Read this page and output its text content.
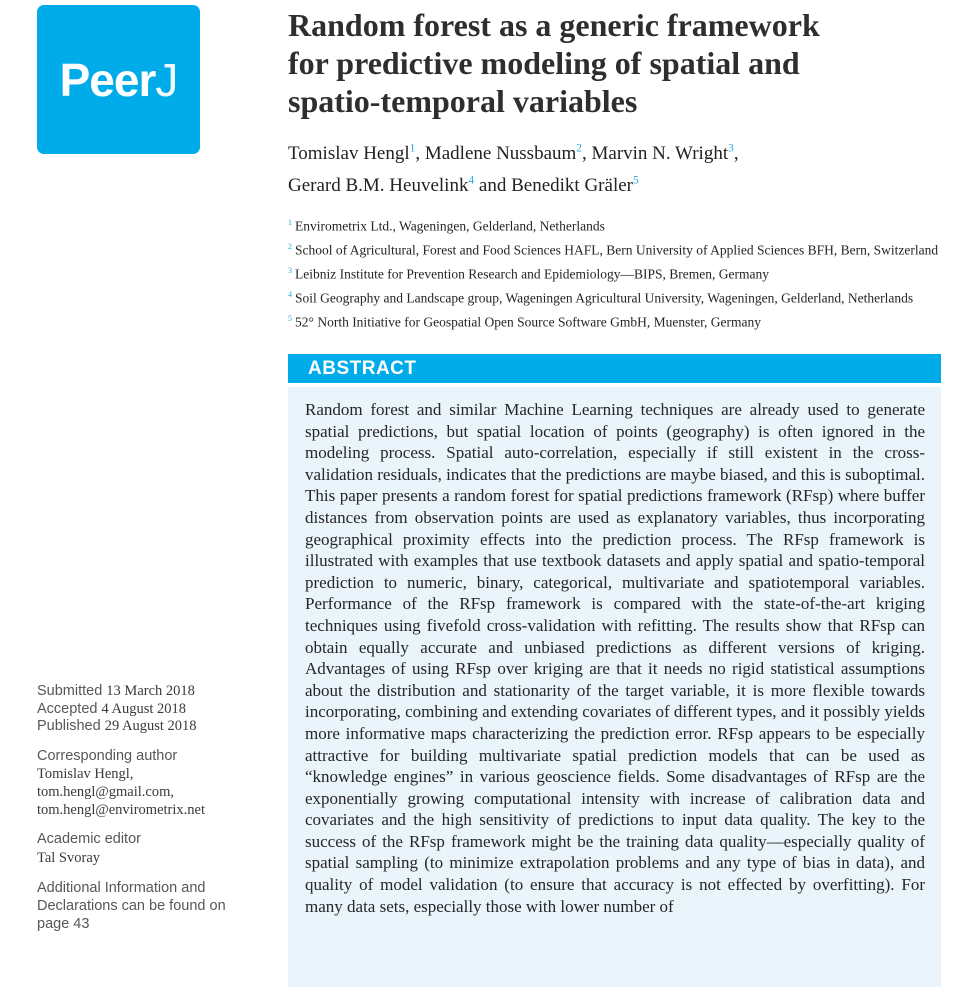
PeerJ
Submitted 13 March 2018
Accepted 4 August 2018
Published 29 August 2018
Corresponding author
Tomislav Hengl,
tom.hengl@gmail.com,
tom.hengl@envirometrix.net
Academic editor
Tal Svoray
Additional Information and Declarations can be found on page 43
Random forest as a generic framework
for predictive modeling of spatial and
spatio-temporal variables
Tomislav Hengl$^1$, Madlene Nussbaum$^2$, Marvin N. Wright$^3$,
Gerard B.M. Heuvelink$^4$ and Benedikt Gräler$^5$
$^1$ Envirometrix Ltd., Wageningen, Gelderland, Netherlands
$^2$ School of Agricultural, Forest and Food Sciences HAFL, Bern University of Applied Sciences BFH, Bern, Switzerland
$^3$ Leibniz Institute for Prevention Research and Epidemiology—BIPS, Bremen, Germany
$^4$ Soil Geography and Landscape group, Wageningen Agricultural University, Wageningen, Gelderland, Netherlands
$^5$ 52° North Initiative for Geospatial Open Source Software GmbH, Muenster, Germany
ABSTRACT
Random forest and similar Machine Learning techniques are already used to generate spatial predictions, but spatial location of points (geography) is often ignored in the modeling process. Spatial auto-correlation, especially if still existent in the cross-validation residuals, indicates that the predictions are maybe biased, and this is suboptimal. This paper presents a random forest for spatial predictions framework (RFsp) where buffer distances from observation points are used as explanatory variables, thus incorporating geographical proximity effects into the prediction process. The RFsp framework is illustrated with examples that use textbook datasets and apply spatial and spatio-temporal prediction to numeric, binary, categorical, multivariate and spatiotemporal variables. Performance of the RFsp framework is compared with the state-of-the-art kriging techniques using fivefold cross-validation with refitting. The results show that RFsp can obtain equally accurate and unbiased predictions as different versions of kriging. Advantages of using RFsp over kriging are that it needs no rigid statistical assumptions about the distribution and stationarity of the target variable, it is more flexible towards incorporating, combining and extending covariates of different types, and it possibly yields more informative maps characterizing the prediction error. RFsp appears to be especially attractive for building multivariate spatial prediction models that can be used as “knowledge engines” in various geoscience fields. Some disadvantages of RFsp are the exponentially growing computational intensity with increase of calibration data and covariates and the high sensitivity of predictions to input data quality. The key to the success of the RFsp framework might be the training data quality—especially quality of spatial sampling (to minimize extrapolation problems and any type of bias in data), and quality of model validation (to ensure that accuracy is not effected by overfitting). For many data sets, especially those with lower number of
